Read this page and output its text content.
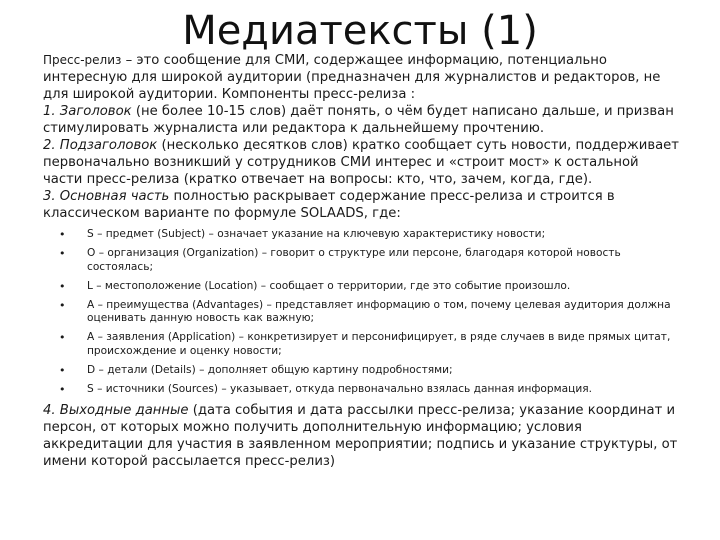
Медиатексты (1)

Пресс-релиз – это сообщение для СМИ, содержащее информацию, потенциально интересную для широкой аудитории (предназначен для журналистов и редакторов, не для широкой аудитории. Компоненты пресс-релиза :

1. Заголовок (не более 10-15 слов) даёт понять, о чём будет написано дальше, и призван стимулировать журналиста или редактора к дальнейшему прочтению.

2. Подзаголовок (несколько десятков слов) кратко сообщает суть новости, поддерживает первоначально возникший у сотрудников СМИ интерес и «строит мост» к остальной части пресс-релиза (кратко отвечает на вопросы: кто, что, зачем, когда, где).

3. Основная часть полностью раскрывает содержание пресс-релиза и строится в классическом варианте по формуле SOLAADS, где:

• S – предмет (Subject) – означает указание на ключевую характеристику новости;
• O – организация (Organization) – говорит о структуре или персоне, благодаря которой новость состоялась;
• L – местоположение (Location) – сообщает о территории, где это событие произошло.
• A – преимущества (Advantages) – представляет информацию о том, почему целевая аудитория должна оценивать данную новость как важную;
• A – заявления (Application) – конкретизирует и персонифицирует, в ряде случаев в виде прямых цитат, происхождение и оценку новости;
• D – детали (Details) – дополняет общую картину подробностями;
• S – источники (Sources) – указывает, откуда первоначально взялась данная информация.

4. Выходные данные (дата события и дата рассылки пресс-релиза; указание координат и персон, от которых можно получить дополнительную информацию; условия аккредитации для участия в заявленном мероприятии; подпись и указание структуры, от имени которой рассылается пресс-релиз)
